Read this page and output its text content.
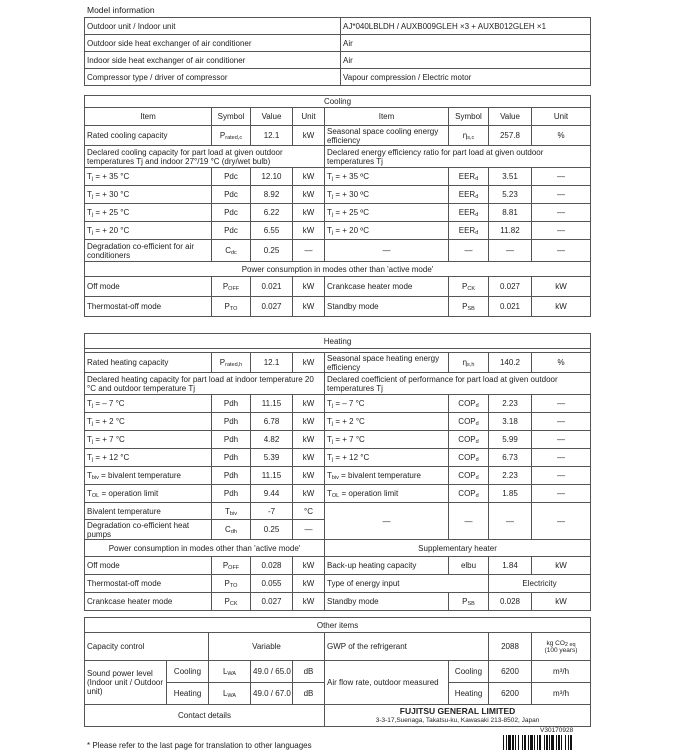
Model information
Outdoor unit / Indoor unit	AJ*040LBLDH / AUXB009GLEH ×3 + AUXB012GLEH ×1
Outdoor side heat exchanger of air conditioner	Air
Indoor side heat exchanger of air conditioner	Air
Compressor type / driver of compressor	Vapour compression / Electric motor
Cooling							
Item	Symbol	Value	Unit	Item	Symbol	Value	Unit
Rated cooling capacity	$P_{rated,c}$	12.1	kW	Seasonal space cooling energy efficiency	$\eta_{s,c}$	257.8	%
Declared cooling capacity for part load at given outdoor temperatures Tj and indoor 27°/19 °C (dry/wet bulb)				Declared energy efficiency ratio for part load at given outdoor temperatures Tj			
$T_j$ = + 35 °C	Pdc	12.10	kW	$T_j$ = + 35 ºC	$EER_d$	3.51	—
$T_j$ = + 30 °C	Pdc	8.92	kW	$T_j$ = + 30 ºC	$EER_d$	5.23	—
$T_j$ = + 25 °C	Pdc	6.22	kW	$T_j$ = + 25 ºC	$EER_d$	8.81	—
$T_j$ = + 20 °C	Pdc	6.55	kW	$T_j$ = + 20 ºC	$EER_d$	11.82	—
Degradation co-efficient for air conditioners	$C_{dc}$	0.25	—	—	—	—	—
Power consumption in modes other than 'active mode'							
Off mode	$P_{OFF}$	0.021	kW	Crankcase heater mode	$P_{CK}$	0.027	kW
Thermostat-off mode	$P_{TO}$	0.027	kW	Standby mode	$P_{SB}$	0.021	kW
Heating							

Rated heating capacity	$P_{rated,h}$	12.1	kW	Seasonal space heating energy efficiency	$\eta_{s,h}$	140.2	%
Declared heating capacity for part load at indoor temperature 20 °C and outdoor temperature Tj				Declared coefficient of performance for part load at given outdoor temperatures Tj			
$T_j$ = – 7 °C	Pdh	11.15	kW	$T_j$ = – 7 °C	$COP_d$	2.23	—
$T_j$ = + 2 °C	Pdh	6.78	kW	$T_j$ = + 2 °C	$COP_d$	3.18	—
$T_j$ = + 7 °C	Pdh	4.82	kW	$T_j$ = + 7 °C	$COP_d$	5.99	—
$T_j$ = + 12 °C	Pdh	5.39	kW	$T_j$ = + 12 °C	$COP_d$	6.73	—
$T_{biv}$ = bivalent temperature	Pdh	11.15	kW	$T_{biv}$ = bivalent temperature	$COP_d$	2.23	—
$T_{OL}$ = operation limit	Pdh	9.44	kW	$T_{OL}$ = operation limit	$COP_d$	1.85	—
Bivalent temperature	$T_{biv}$	-7	°C	—	—	—	—
Degradation co-efficient heat pumps	$C_{dh}$	0.25	—				
Power consumption in modes other than 'active mode'				Supplementary heater			
Off mode	$P_{OFF}$	0.028	kW	Back-up heating capacity	elbu	1.84	kW
Thermostat-off mode	$P_{TO}$	0.055	kW	Type of energy input		Electricity	
Crankcase heater mode	$P_{CK}$	0.027	kW	Standby mode	$P_{SB}$	0.028	kW
Other items								
Capacity control		Variable			GWP of the refrigerant		2088	kg $CO_{2 eq}$
(100 years)
Sound power level (Indoor unit / Outdoor unit)	Cooling	$L_{WA}$	49.0 / 65.0	dB	Air flow rate, outdoor measured	Cooling	6200	m³/h
	Heating	$L_{WA}$	49.0 / 67.0	dB		Heating	6200	m³/h
Contact details					FUJITSU GENERAL LIMITED
3-3-17,Suenaga, Takatsu-ku, Kawasaki 213-8502, Japan			
V30170928
* Please refer to the last page for translation to other languages
